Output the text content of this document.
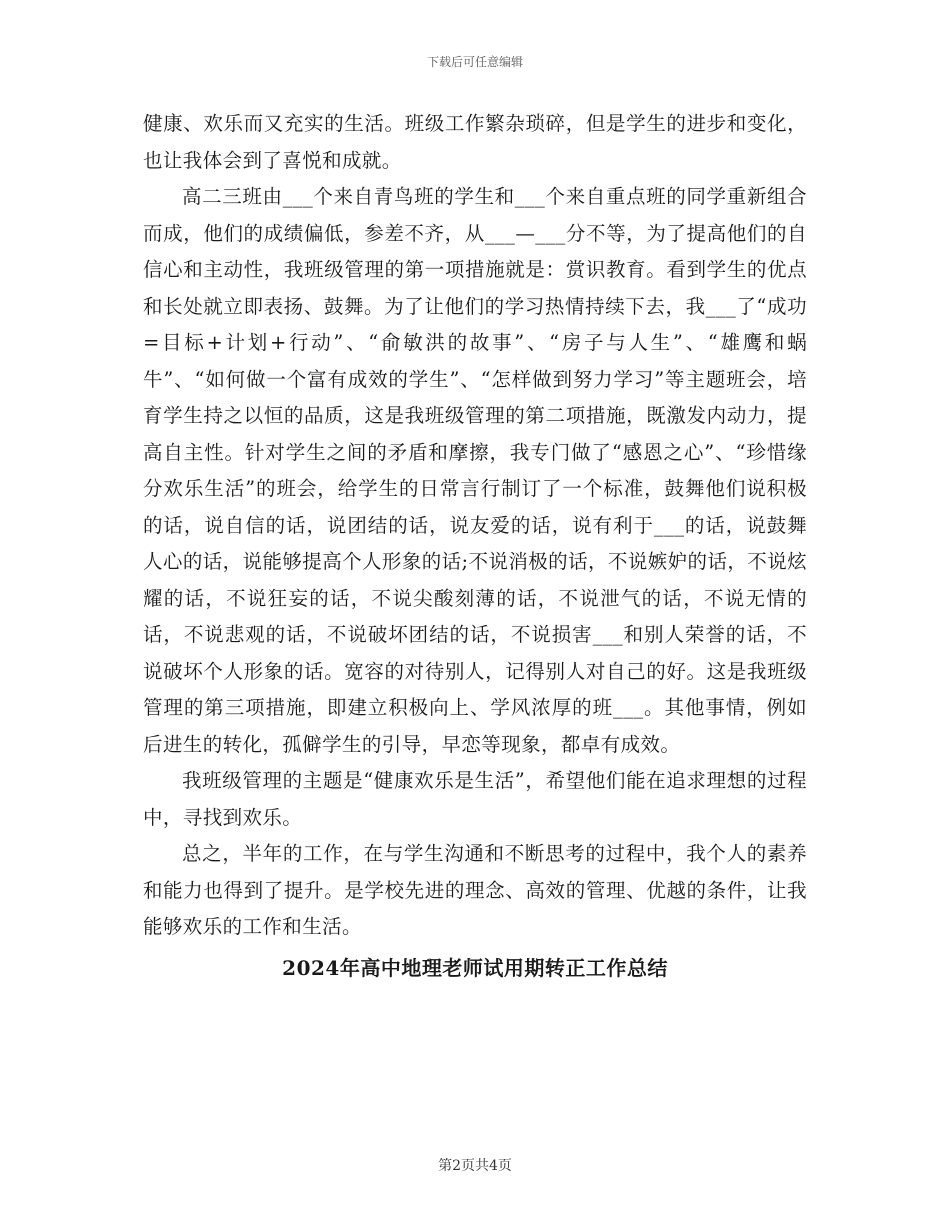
下载后可任意编辑

健康、欢乐而又充实的生活。班级工作繁杂琐碎，但是学生的进步和变化，也让我体会到了喜悦和成就。

高二三班由___个来自青鸟班的学生和___个来自重点班的同学重新组合而成，他们的成绩偏低，参差不齐，从___—___分不等，为了提高他们的自信心和主动性，我班级管理的第一项措施就是：赏识教育。看到学生的优点和长处就立即表扬、鼓舞。为了让他们的学习热情持续下去，我___了“成功=目标+计划+行动”、“俞敏洪的故事”、“房子与人生”、“雄鹰和蜗牛”、“如何做一个富有成效的学生”、“怎样做到努力学习”等主题班会，培育学生持之以恒的品质，这是我班级管理的第二项措施，既激发内动力，提高自主性。针对学生之间的矛盾和摩擦，我专门做了“感恩之心”、“珍惜缘分欢乐生活”的班会，给学生的日常言行制订了一个标准，鼓舞他们说积极的话，说自信的话，说团结的话，说友爱的话，说有利于___的话，说鼓舞人心的话，说能够提高个人形象的话;不说消极的话，不说嫉妒的话，不说炫耀的话，不说狂妄的话，不说尖酸刻薄的话，不说泄气的话，不说无情的话，不说悲观的话，不说破坏团结的话，不说损害___和别人荣誉的话，不说破坏个人形象的话。宽容的对待别人，记得别人对自己的好。这是我班级管理的第三项措施，即建立积极向上、学风浓厚的班___。其他事情，例如后进生的转化，孤僻学生的引导，早恋等现象，都卓有成效。

我班级管理的主题是“健康欢乐是生活”，希望他们能在追求理想的过程中，寻找到欢乐。

总之，半年的工作，在与学生沟通和不断思考的过程中，我个人的素养和能力也得到了提升。是学校先进的理念、高效的管理、优越的条件，让我能够欢乐的工作和生活。

2024年高中地理老师试用期转正工作总结
第2页共4页
